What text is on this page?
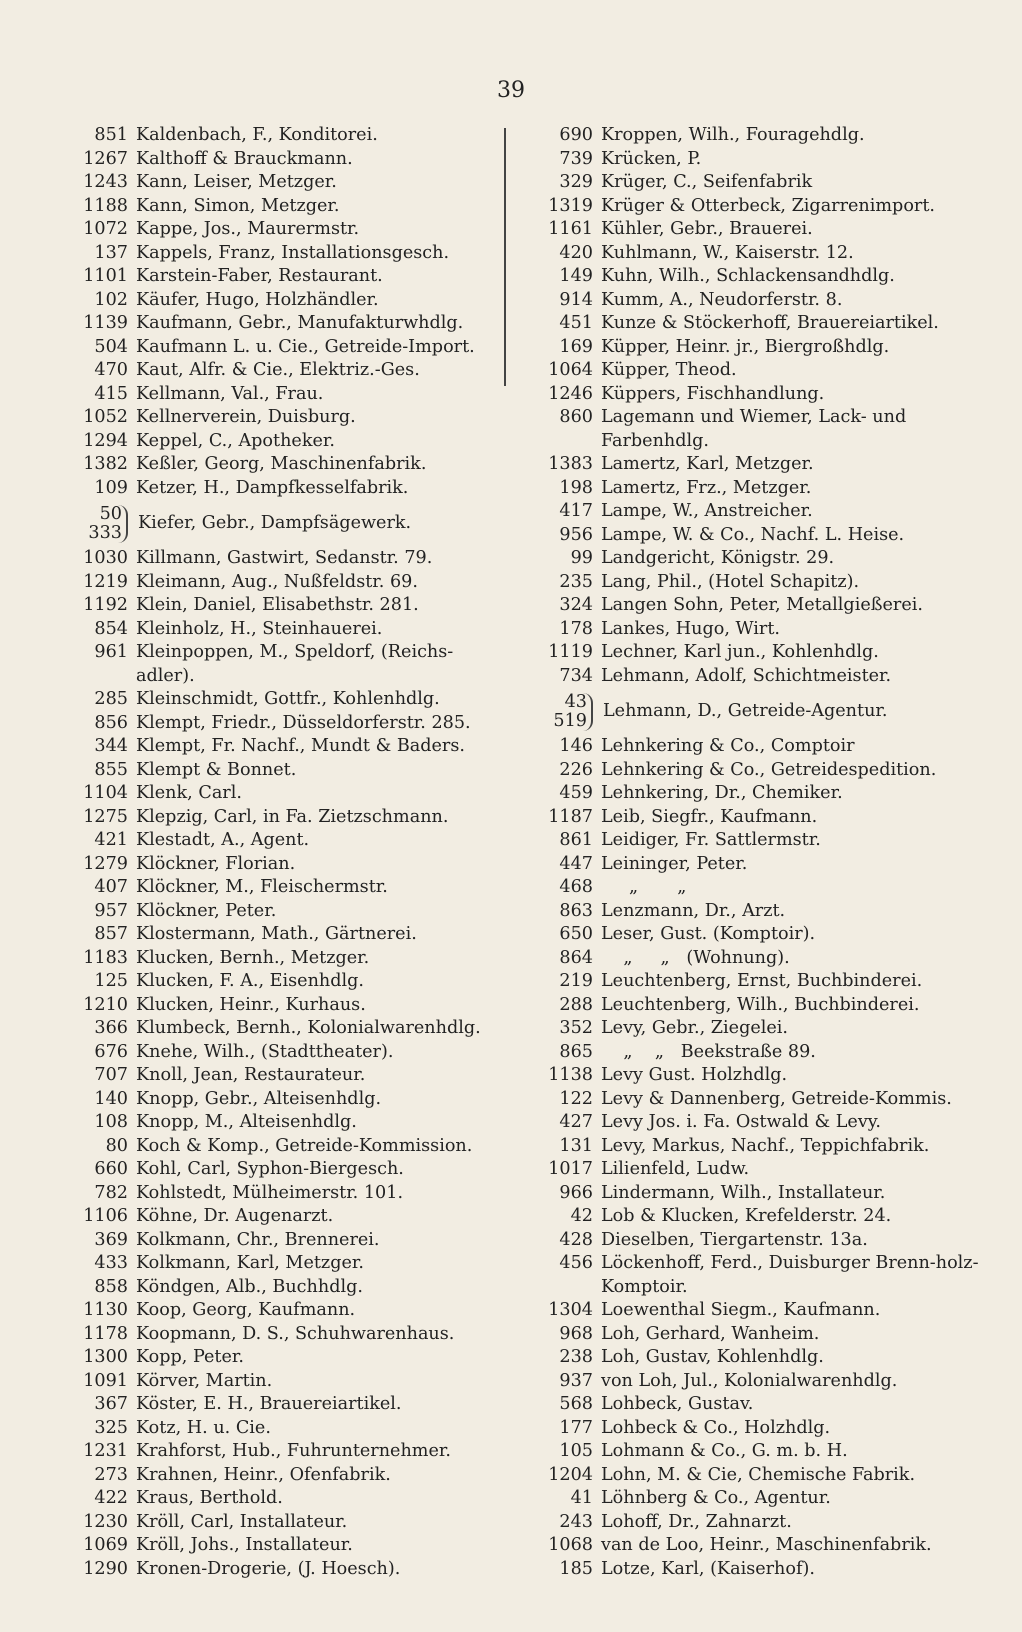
39
851 Kaldenbach, F., Konditorei.
1267 Kalthoff & Brauckmann.
1243 Kann, Leiser, Metzger.
1188 Kann, Simon, Metzger.
1072 Kappe, Jos., Maurermstr.
137 Kappels, Franz, Installationsgesch.
1101 Karstein-Faber, Restaurant.
102 Käufer, Hugo, Holzhändler.
1139 Kaufmann, Gebr., Manufakturwhdlg.
504 Kaufmann L. u. Cie., Getreide-Import.
470 Kaut, Alfr. & Cie., Elektriz.-Ges.
415 Kellmann, Val., Frau.
1052 Kellnerverein, Duisburg.
1294 Keppel, C., Apotheker.
1382 Keßler, Georg, Maschinenfabrik.
109 Ketzer, H., Dampfkesselfabrik.
50
333 Kiefer, Gebr., Dampfsägewerk.
1030 Killmann, Gastwirt, Sedanstr. 79.
1219 Kleimann, Aug., Nußfeldstr. 69.
1192 Klein, Daniel, Elisabethstr. 281.
854 Kleinholz, H., Steinhauerei.
961 Kleinpoppen, M., Speldorf, (Reichs-adler).
285 Kleinschmidt, Gottfr., Kohlenhdlg.
856 Klempt, Friedr., Düsseldorferstr. 285.
344 Klempt, Fr. Nachf., Mundt & Baders.
855 Klempt & Bonnet.
1104 Klenk, Carl.
1275 Klepzig, Carl, in Fa. Zietzschmann.
421 Klestadt, A., Agent.
1279 Klöckner, Florian.
407 Klöckner, M., Fleischermstr.
957 Klöckner, Peter.
857 Klostermann, Math., Gärtnerei.
1183 Klucken, Bernh., Metzger.
125 Klucken, F. A., Eisenhdlg.
1210 Klucken, Heinr., Kurhaus.
366 Klumbeck, Bernh., Kolonialwarenhdlg.
676 Knehe, Wilh., (Stadttheater).
707 Knoll, Jean, Restaurateur.
140 Knopp, Gebr., Alteisenhdlg.
108 Knopp, M., Alteisenhdlg.
80 Koch & Komp., Getreide-Kommission.
660 Kohl, Carl, Syphon-Biergesch.
782 Kohlstedt, Mülheimerstr. 101.
1106 Köhne, Dr. Augenarzt.
369 Kolkmann, Chr., Brennerei.
433 Kolkmann, Karl, Metzger.
858 Köndgen, Alb., Buchhdlg.
1130 Koop, Georg, Kaufmann.
1178 Koopmann, D. S., Schuhwarenhaus.
1300 Kopp, Peter.
1091 Körver, Martin.
367 Köster, E. H., Brauereiartikel.
325 Kotz, H. u. Cie.
1231 Krahforst, Hub., Fuhrunternehmer.
273 Krahnen, Heinr., Ofenfabrik.
422 Kraus, Berthold.
1230 Kröll, Carl, Installateur.
1069 Kröll, Johs., Installateur.
1290 Kronen-Drogerie, (J. Hoesch).
690 Kroppen, Wilh., Fouragehdlg.
739 Krücken, P.
329 Krüger, C., Seifenfabrik
1319 Krüger & Otterbeck, Zigarrenimport.
1161 Kühler, Gebr., Brauerei.
420 Kuhlmann, W., Kaiserstr. 12.
149 Kuhn, Wilh., Schlackensandhdlg.
914 Kumm, A., Neudorferstr. 8.
451 Kunze & Stöckerhoff, Brauereiartikel.
169 Küpper, Heinr. jr., Biergroßhdlg.
1064 Küpper, Theod.
1246 Küppers, Fischhandlung.
860 Lagemann und Wiemer, Lack- und Farbenhdlg.
1383 Lamertz, Karl, Metzger.
198 Lamertz, Frz., Metzger.
417 Lampe, W., Anstreicher.
956 Lampe, W. & Co., Nachf. L. Heise.
99 Landgericht, Königstr. 29.
235 Lang, Phil., (Hotel Schapitz).
324 Langen Sohn, Peter, Metallgießerei.
178 Lankes, Hugo, Wirt.
1119 Lechner, Karl jun., Kohlenhdlg.
734 Lehmann, Adolf, Schichtmeister.
43
519 Lehmann, D., Getreide-Agentur.
146 Lehnkering & Co., Comptoir
226 Lehnkering & Co., Getreidespedition.
459 Lehnkering, Dr., Chemiker.
1187 Leib, Siegfr., Kaufmann.
861 Leidiger, Fr. Sattlermstr.
447 Leininger, Peter.
468 „       „
863 Lenzmann, Dr., Arzt.
650 Leser, Gust. (Komptoir).
864 „     „   (Wohnung).
219 Leuchtenberg, Ernst, Buchbinderei.
288 Leuchtenberg, Wilh., Buchbinderei.
352 Levy, Gebr., Ziegelei.
865 „    „   Beekstraße 89.
1138 Levy Gust. Holzhdlg.
122 Levy & Dannenberg, Getreide-Kommis.
427 Levy Jos. i. Fa. Ostwald & Levy.
131 Levy, Markus, Nachf., Teppichfabrik.
1017 Lilienfeld, Ludw.
966 Lindermann, Wilh., Installateur.
42 Lob & Klucken, Krefelderstr. 24.
428 Dieselben, Tiergartenstr. 13a.
456 Löckenhoff, Ferd., Duisburger Brenn-holz-Komptoir.
1304 Loewenthal Siegm., Kaufmann.
968 Loh, Gerhard, Wanheim.
238 Loh, Gustav, Kohlenhdlg.
937 von Loh, Jul., Kolonialwarenhdlg.
568 Lohbeck, Gustav.
177 Lohbeck & Co., Holzhdlg.
105 Lohmann & Co., G. m. b. H.
1204 Lohn, M. & Cie, Chemische Fabrik.
41 Löhnberg & Co., Agentur.
243 Lohoff, Dr., Zahnarzt.
1068 van de Loo, Heinr., Maschinenfabrik.
185 Lotze, Karl, (Kaiserhof).
